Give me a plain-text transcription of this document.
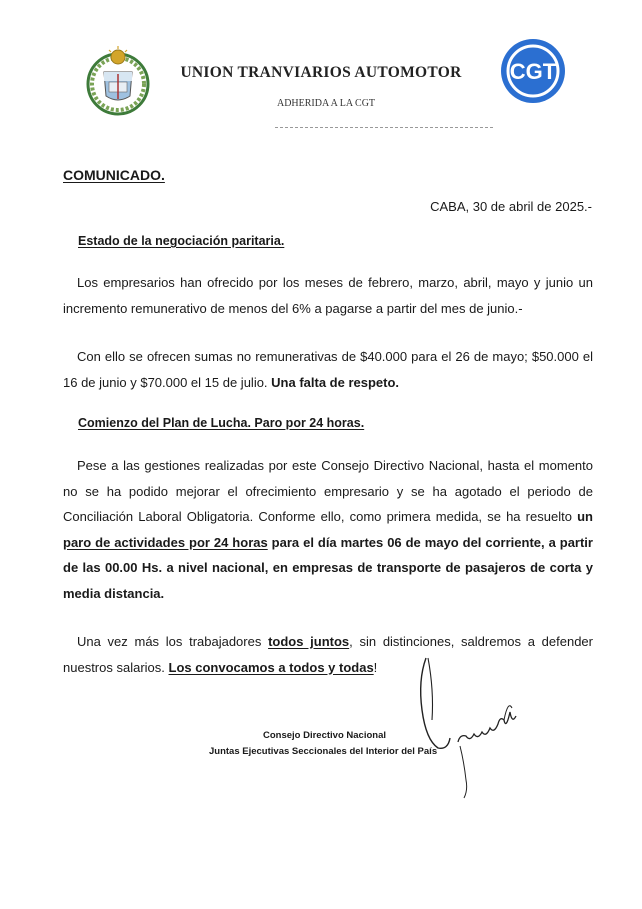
UNION TRANVIARIOS AUTOMOTOR
ADHERIDA A LA CGT
CGT
COMUNICADO.
CABA, 30 de abril de 2025.-
Estado de la negociación paritaria.
Los empresarios han ofrecido por los meses de febrero, marzo, abril, mayo y junio un incremento remunerativo de menos del 6% a pagarse a partir del mes de junio.-
Con ello se ofrecen sumas no remunerativas de $40.000 para el 26 de mayo; $50.000 el 16 de junio y $70.000 el 15 de julio. Una falta de respeto.
Comienzo del Plan de Lucha. Paro por 24 horas.
Pese a las gestiones realizadas por este Consejo Directivo Nacional, hasta el momento no se ha podido mejorar el ofrecimiento empresario y se ha agotado el periodo de Conciliación Laboral Obligatoria. Conforme ello, como primera medida, se ha resuelto un paro de actividades por 24 horas para el día martes 06 de mayo del corriente, a partir de las 00.00 Hs. a nivel nacional, en empresas de transporte de pasajeros de corta y media distancia.
Una vez más los trabajadores todos juntos, sin distinciones, saldremos a defender nuestros salarios. Los convocamos a todos y todas!
Consejo Directivo Nacional
Juntas Ejecutivas Seccionales del Interior del País
